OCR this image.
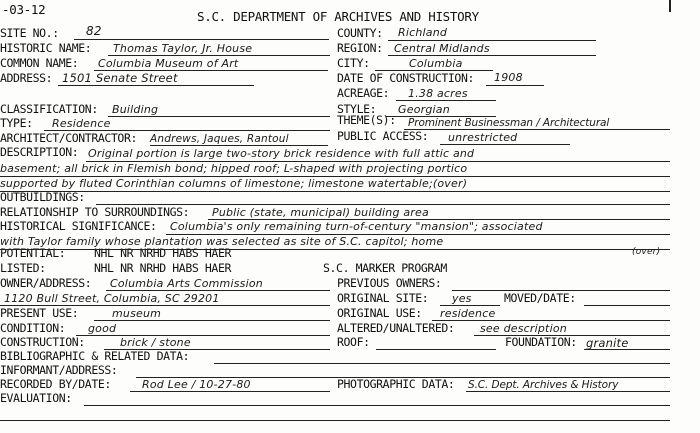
-03-12	S.C. DEPARTMENT OF ARCHIVES AND HISTORY
SITE NO.: 82	COUNTY: Richland
HISTORIC NAME: Thomas Taylor, Jr. House	REGION: Central Midlands
COMMON NAME: Columbia Museum of Art	CITY:	Columbia
ADDRESS: 1501 Senate Street	DATE OF CONSTRUCTION: 1908
ACREAGE: 1.38 acres
CLASSIFICATION: Building	STYLE: Georgian
TYPE: Residence	THEME(S): Prominent Businessman / Architectural
ARCHITECT/CONTRACTOR: Andrews, Jaques, Rantoul	PUBLIC ACCESS: unrestricted
DESCRIPTION: Original portion is large two-story brick residence with full attic and
basement; all brick in Flemish bond; hipped roof; L-shaped with projecting portico
supported by fluted Corinthian columns of limestone; limestone watertable;(over)
OUTBUILDINGS:
RELATIONSHIP TO SURROUNDINGS: Public (state, municipal) building area
HISTORICAL SIGNIFICANCE: Columbia's only remaining turn-of-century "mansion"; associated
with Taylor family whose plantation was selected as site of S.C. capitol; home
(over)
POTENTIAL:	NHL NR NRHD HABS HAER
LISTED:	NHL NR NRHD HABS HAER	S.C. MARKER PROGRAM
OWNER/ADDRESS: Columbia Arts Commission	PREVIOUS OWNERS:
1120 Bull Street, Columbia, SC 29201	ORIGINAL SITE: yes	MOVED/DATE:
PRESENT USE:	museum	ORIGINAL USE: residence
CONDITION: good	ALTERED/UNALTERED: see description
CONSTRUCTION:	brick / stone	ROOF:	FOUNDATION: granite
BIBLIOGRAPHIC & RELATED DATA:
INFORMANT/ADDRESS:
RECORDED BY/DATE:	Rod Lee / 10-27-80	PHOTOGRAPHIC DATA: S.C. Dept. Archives & History
EVALUATION:
